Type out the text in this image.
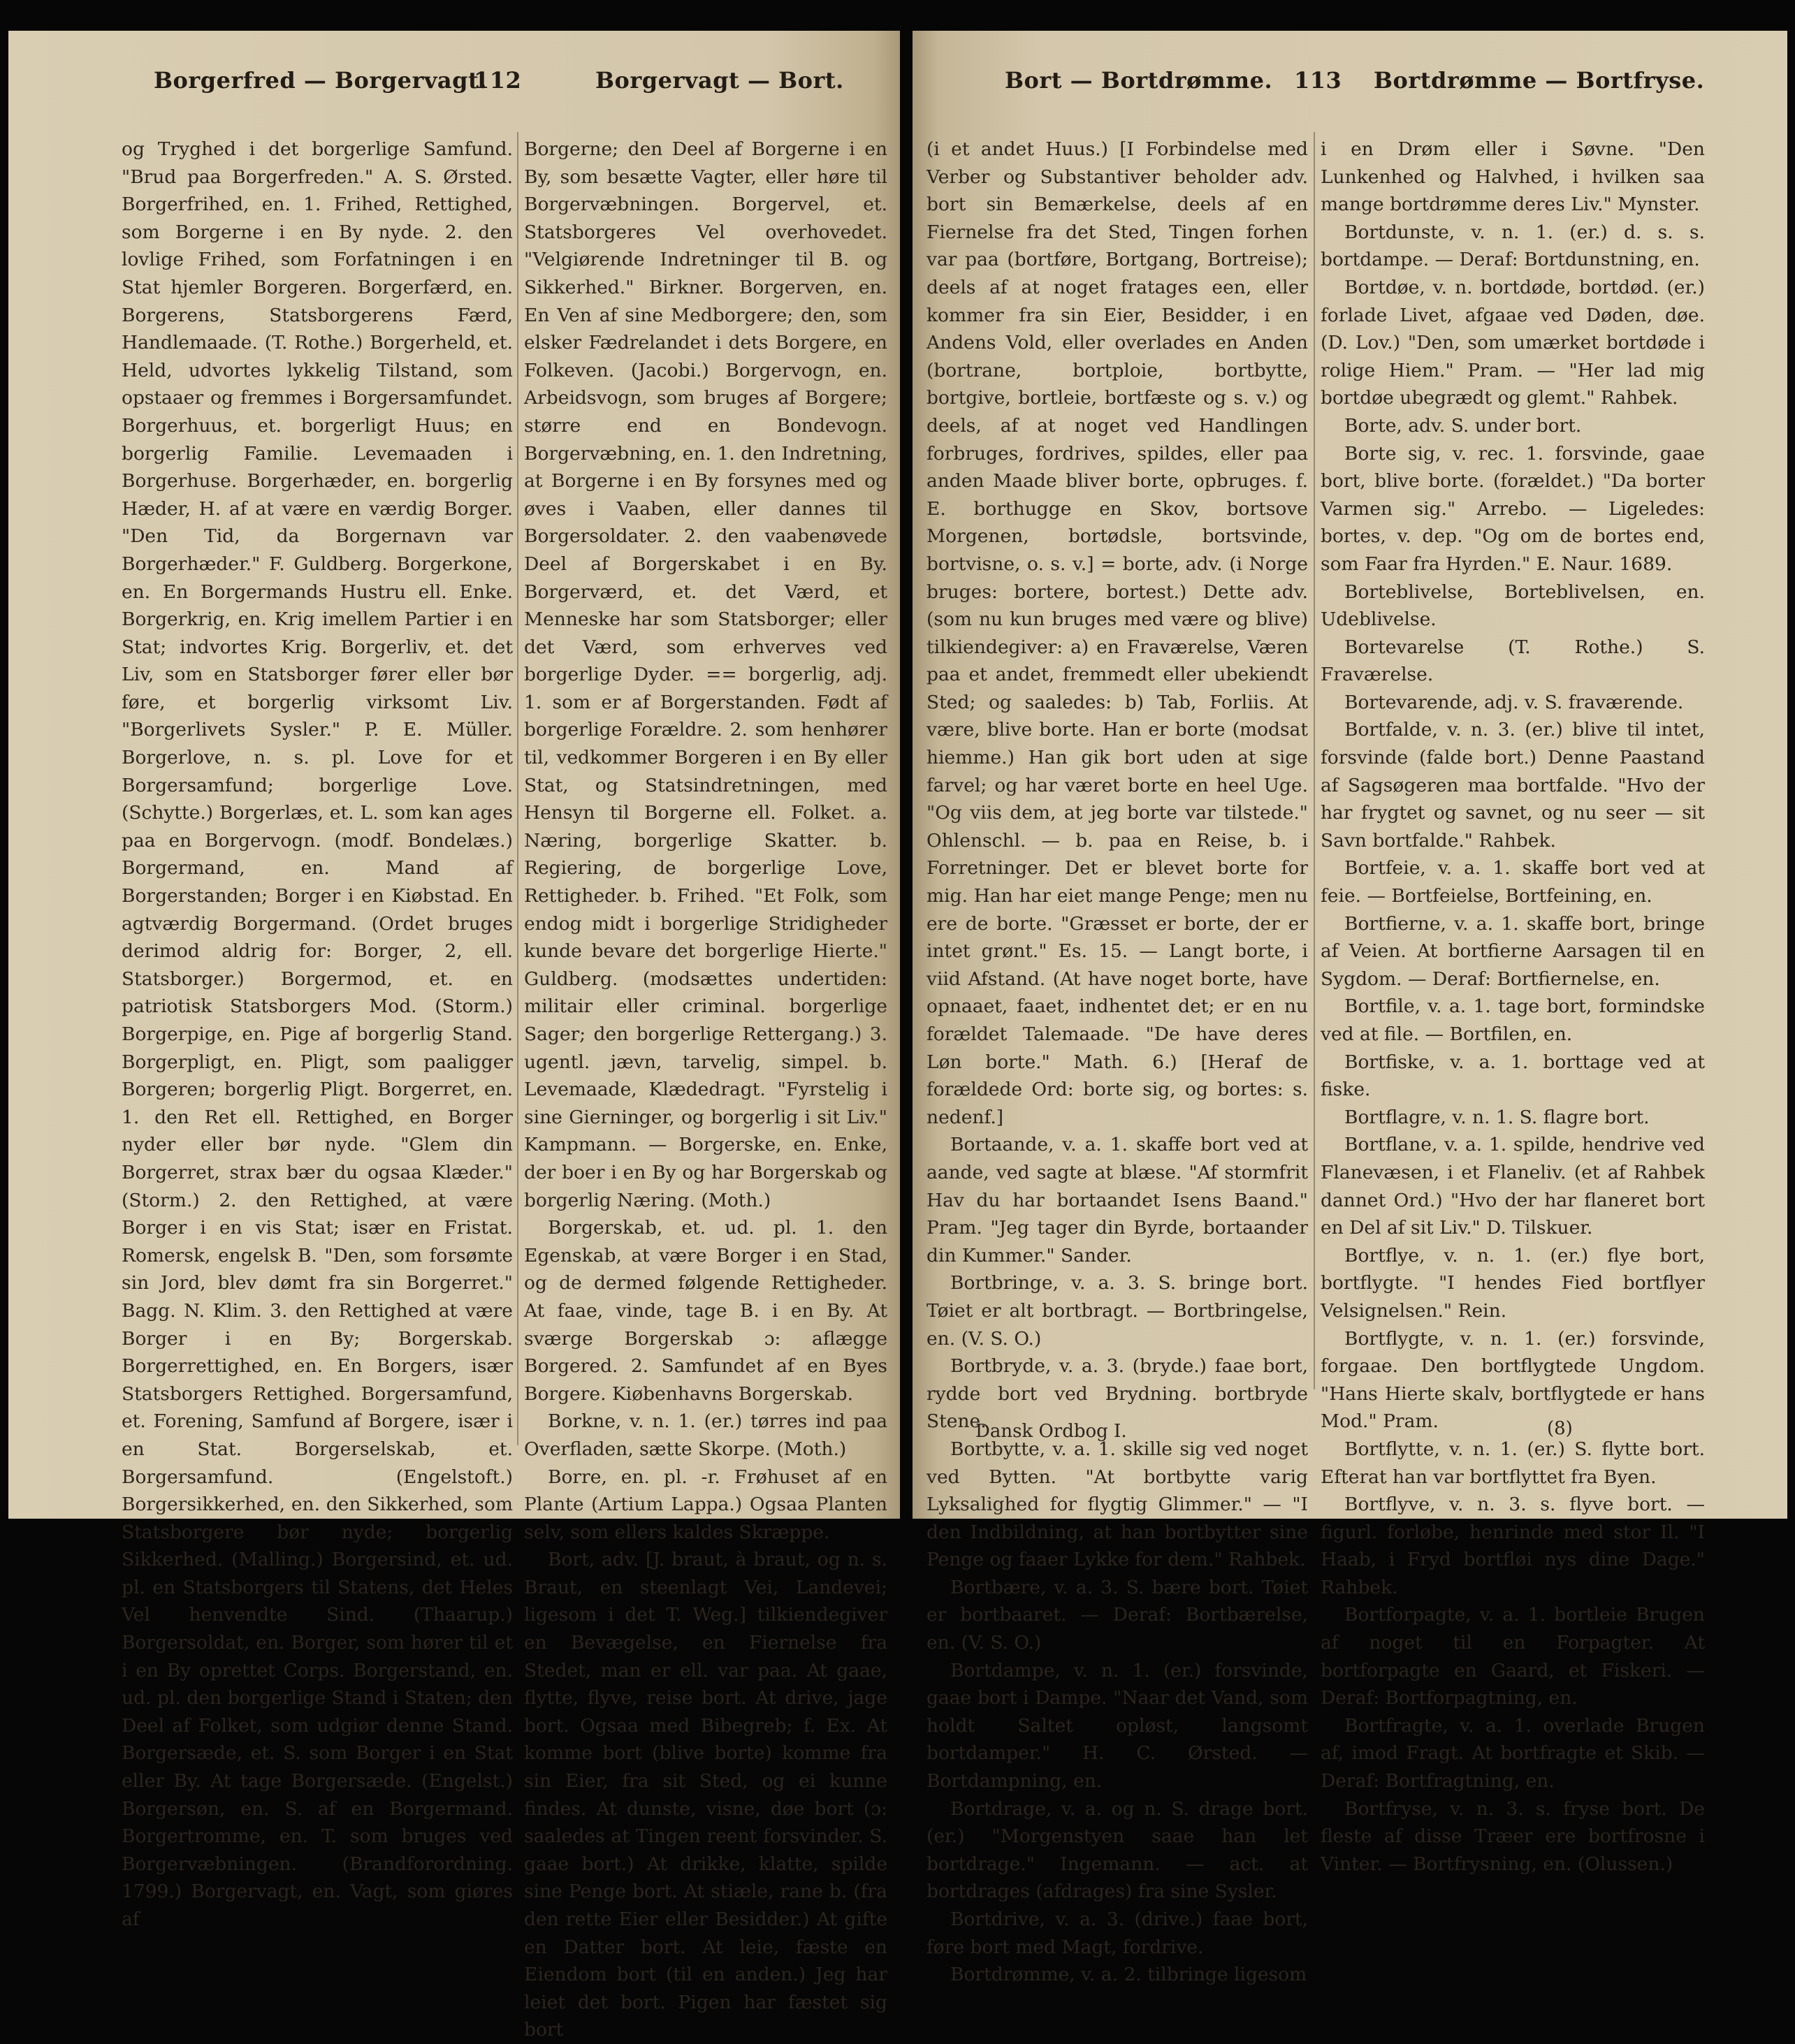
Borgerfred — Borgervagt.
112	Borgervagt — Bort.

og Tryghed i det borgerlige Samfund. "Brud paa Borgerfreden." A. S. Ørsted. Borgerfrihed, en. 1. Frihed, Rettighed, som Borgerne i en By nyde. 2. den lovlige Frihed, som Forfatningen i en Stat hjemler Borgeren. Borgerfærd, en. Borgerens, Statsborgerens Færd, Handlemaade. (T. Rothe.) Borgerheld, et. Held, udvortes lykkelig Tilstand, som opstaaer og fremmes i Borgersamfundet. Borgerhuus, et. borgerligt Huus; en borgerlig Familie. Levemaaden i Borgerhuse. Borgerhæder, en. borgerlig Hæder, H. af at være en værdig Borger. "Den Tid, da Borgernavn var Borgerhæder." F. Guldberg. Borgerkone, en. En Borgermands Hustru ell. Enke. Borgerkrig, en. Krig imellem Partier i en Stat; indvortes Krig. Borgerliv, et. det Liv, som en Statsborger fører eller bør føre, et borgerlig virksomt Liv. "Borgerlivets Sysler." P. E. Müller. Borgerlove, n. s. pl. Love for et Borgersamfund; borgerlige Love. (Schytte.) Borgerlæs, et. L. som kan ages paa en Borgervogn. (modf. Bondelæs.) Borgermand, en. Mand af Borgerstanden; Borger i en Kiøbstad. En agtværdig Borgermand. (Ordet bruges derimod aldrig for: Borger, 2, ell. Statsborger.) Borgermod, et. en patriotisk Statsborgers Mod. (Storm.) Borgerpige, en. Pige af borgerlig Stand. Borgerpligt, en. Pligt, som paaligger Borgeren; borgerlig Pligt. Borgerret, en. 1. den Ret ell. Rettighed, en Borger nyder eller bør nyde. "Glem din Borgerret, strax bær du ogsaa Klæder." (Storm.) 2. den Rettighed, at være Borger i en vis Stat; især en Fristat. Romersk, engelsk B. "Den, som forsømte sin Jord, blev dømt fra sin Borgerret." Bagg. N. Klim. 3. den Rettighed at være Borger i en By; Borgerskab. Borgerrettighed, en. En Borgers, især Statsborgers Rettighed. Borgersamfund, et. Forening, Samfund af Borgere, især i en Stat. Borgerselskab, et. Borgersamfund. (Engelstoft.) Borgersikkerhed, en. den Sikkerhed, som Statsborgere bør nyde; borgerlig Sikkerhed. (Malling.) Borgersind, et. ud. pl. en Statsborgers til Statens, det Heles Vel henvendte Sind. (Thaarup.) Borgersoldat, en. Borger, som hører til et i en By oprettet Corps. Borgerstand, en. ud. pl. den borgerlige Stand i Staten; den Deel af Folket, som udgiør denne Stand. Borgersæde, et. S. som Borger i en Stat eller By. At tage Borgersæde. (Engelst.) Borgersøn, en. S. af en Borgermand. Borgertromme, en. T. som bruges ved Borgervæbningen. (Brandforordning. 1799.) Borgervagt, en. Vagt, som giøres af

Borgerne; den Deel af Borgerne i en By, som besætte Vagter, eller høre til Borgervæbningen. Borgervel, et. Statsborgeres Vel overhovedet. "Velgiørende Indretninger til B. og Sikkerhed." Birkner. Borgerven, en. En Ven af sine Medborgere; den, som elsker Fædrelandet i dets Borgere, en Folkeven. (Jacobi.) Borgervogn, en. Arbeidsvogn, som bruges af Borgere; større end en Bondevogn. Borgervæbning, en. 1. den Indretning, at Borgerne i en By forsynes med og øves i Vaaben, eller dannes til Borgersoldater. 2. den vaabenøvede Deel af Borgerskabet i en By. Borgerværd, et. det Værd, et Menneske har som Statsborger; eller det Værd, som erhverves ved borgerlige Dyder. == borgerlig, adj. 1. som er af Borgerstanden. Født af borgerlige Forældre. 2. som henhører til, vedkommer Borgeren i en By eller Stat, og Statsindretningen, med Hensyn til Borgerne ell. Folket. a. Næring, borgerlige Skatter. b. Regiering, de borgerlige Love, Rettigheder. b. Frihed. "Et Folk, som endog midt i borgerlige Stridigheder kunde bevare det borgerlige Hierte." Guldberg. (modsættes undertiden: militair eller criminal. borgerlige Sager; den borgerlige Rettergang.) 3. ugentl. jævn, tarvelig, simpel. b. Levemaade, Klædedragt. "Fyrstelig i sine Gierninger, og borgerlig i sit Liv." Kampmann. — Borgerske, en. Enke, der boer i en By og har Borgerskab og borgerlig Næring. (Moth.)

Borgerskab, et. ud. pl. 1. den Egenskab, at være Borger i en Stad, og de dermed følgende Rettigheder. At faae, vinde, tage B. i en By. At sværge Borgerskab ɔ: aflægge Borgered. 2. Samfundet af en Byes Borgere. Kiøbenhavns Borgerskab.

Borkne, v. n. 1. (er.) tørres ind paa Overfladen, sætte Skorpe. (Moth.)

Borre, en. pl. -r. Frøhuset af en Plante (Artium Lappa.) Ogsaa Planten selv, som ellers kaldes Skræppe.

Bort, adv. [J. braut, à braut, og n. s. Braut, en steenlagt Vei, Landevei; ligesom i det T. Weg.] tilkiendegiver en Bevægelse, en Fiernelse fra Stedet, man er ell. var paa. At gaae, flytte, flyve, reise bort. At drive, jage bort. Ogsaa med Bibegreb; f. Ex. At komme bort (blive borte) komme fra sin Eier, fra sit Sted, og ei kunne findes. At dunste, visne, døe bort (ɔ: saaledes at Tingen reent forsvinder. S. gaae bort.) At drikke, klatte, spilde sine Penge bort. At stiæle, rane b. (fra den rette Eier eller Besidder.) At gifte en Datter bort. At leie, fæste en Eiendom bort (til en anden.) Jeg har leiet det bort. Pigen har fæstet sig bort

Bort — Bortdrømme. 113 Bortdrømme — Bortfryse.

(i et andet Huus.) [I Forbindelse med Verber og Substantiver beholder adv. bort sin Bemærkelse, deels af en Fiernelse fra det Sted, Tingen forhen var paa (bortføre, Bortgang, Bortreise); deels af at noget fratages een, eller kommer fra sin Eier, Besidder, i en Andens Vold, eller overlades en Anden (bortrane, bortploie, bortbytte, bortgive, bortleie, bortfæste og s. v.) og deels, af at noget ved Handlingen forbruges, fordrives, spildes, eller paa anden Maade bliver borte, opbruges. f. E. borthugge en Skov, bortsove Morgenen, bortødsle, bortsvinde, bortvisne, o. s. v.] = borte, adv. (i Norge bruges: bortere, bortest.) Dette adv. (som nu kun bruges med være og blive) tilkiendegiver: a) en Fraværelse, Væren paa et andet, fremmedt eller ubekiendt Sted; og saaledes: b) Tab, Forliis. At være, blive borte. Han er borte (modsat hiemme.) Han gik bort uden at sige farvel; og har været borte en heel Uge. "Og viis dem, at jeg borte var tilstede." Ohlenschl. — b. paa en Reise, b. i Forretninger. Det er blevet borte for mig. Han har eiet mange Penge; men nu ere de borte. "Græsset er borte, der er intet grønt." Es. 15. — Langt borte, i viid Afstand. (At have noget borte, have opnaaet, faaet, indhentet det; er en nu forældet Talemaade. "De have deres Løn borte." Math. 6.) [Heraf de forældede Ord: borte sig, og bortes: s. nedenf.]

Bortaande, v. a. 1. skaffe bort ved at aande, ved sagte at blæse. "Af stormfrit Hav du har bortaandet Isens Baand." Pram. "Jeg tager din Byrde, bortaander din Kummer." Sander.

Bortbringe, v. a. 3. S. bringe bort. Tøiet er alt bortbragt. — Bortbringelse, en. (V. S. O.)

Bortbryde, v. a. 3. (bryde.) faae bort, rydde bort ved Brydning. bortbryde Stene.

Bortbytte, v. a. 1. skille sig ved noget ved Bytten. "At bortbytte varig Lyksalighed for flygtig Glimmer." — "I den Indbildning, at han bortbytter sine Penge og faaer Lykke for dem." Rahbek.

Bortbære, v. a. 3. S. bære bort. Tøiet er bortbaaret. — Deraf: Bortbærelse, en. (V. S. O.)

Bortdampe, v. n. 1. (er.) forsvinde, gaae bort i Dampe. "Naar det Vand, som holdt Saltet opløst, langsomt bortdamper." H. C. Ørsted. — Bortdampning, en.

Bortdrage, v. a. og n. S. drage bort. (er.) "Morgenstyen saae han let bortdrage." Ingemann. — act. at bortdrages (afdrages) fra sine Sysler.

Bortdrive, v. a. 3. (drive.) faae bort, føre bort med Magt, fordrive.

Bortdrømme, v. a. 2. tilbringe ligesom

i en Drøm eller i Søvne. "Den Lunkenhed og Halvhed, i hvilken saa mange bortdrømme deres Liv." Mynster.

Bortdunste, v. n. 1. (er.) d. s. s. bortdampe. — Deraf: Bortdunstning, en.

Bortdøe, v. n. bortdøde, bortdød. (er.) forlade Livet, afgaae ved Døden, døe. (D. Lov.) "Den, som umærket bortdøde i rolige Hiem." Pram. — "Her lad mig bortdøe ubegrædt og glemt." Rahbek.

Borte, adv. S. under bort.

Borte sig, v. rec. 1. forsvinde, gaae bort, blive borte. (forældet.) "Da borter Varmen sig." Arrebo. — Ligeledes: bortes, v. dep. "Og om de bortes end, som Faar fra Hyrden." E. Naur. 1689.

Borteblivelse, Borteblivelsen, en. Udeblivelse.

Bortevarelse (T. Rothe.) S. Fraværelse.

Bortevarende, adj. v. S. fraværende.

Bortfalde, v. n. 3. (er.) blive til intet, forsvinde (falde bort.) Denne Paastand af Sagsøgeren maa bortfalde. "Hvo der har frygtet og savnet, og nu seer — sit Savn bortfalde." Rahbek.

Bortfeie, v. a. 1. skaffe bort ved at feie. — Bortfeielse, Bortfeining, en.

Bortfierne, v. a. 1. skaffe bort, bringe af Veien. At bortfierne Aarsagen til en Sygdom. — Deraf: Bortfiernelse, en.

Bortfile, v. a. 1. tage bort, formindske ved at file. — Bortfilen, en.

Bortfiske, v. a. 1. borttage ved at fiske.

Bortflagre, v. n. 1. S. flagre bort.

Bortflane, v. a. 1. spilde, hendrive ved Flanevæsen, i et Flaneliv. (et af Rahbek dannet Ord.) "Hvo der har flaneret bort en Del af sit Liv." D. Tilskuer.

Bortflye, v. n. 1. (er.) flye bort, bortflygte. "I hendes Fied bortflyer Velsignelsen." Rein.

Bortflygte, v. n. 1. (er.) forsvinde, forgaae. Den bortflygtede Ungdom. "Hans Hierte skalv, bortflygtede er hans Mod." Pram.

Bortflytte, v. n. 1. (er.) S. flytte bort. Efterat han var bortflyttet fra Byen.

Bortflyve, v. n. 3. s. flyve bort. — figurl. forløbe, henrinde med stor Il. "I Haab, i Fryd bortfløi nys dine Dage." Rahbek.

Bortforpagte, v. a. 1. bortleie Brugen af noget til en Forpagter. At bortforpagte en Gaard, et Fiskeri. — Deraf: Bortforpagtning, en.

Bortfragte, v. a. 1. overlade Brugen af, imod Fragt. At bortfragte et Skib. — Deraf: Bortfragtning, en.

Bortfryse, v. n. 3. s. fryse bort. De fleste af disse Træer ere bortfrosne i Vinter. — Bortfrysning, en. (Olussen.)

Dansk Ordbog I.	(8)
